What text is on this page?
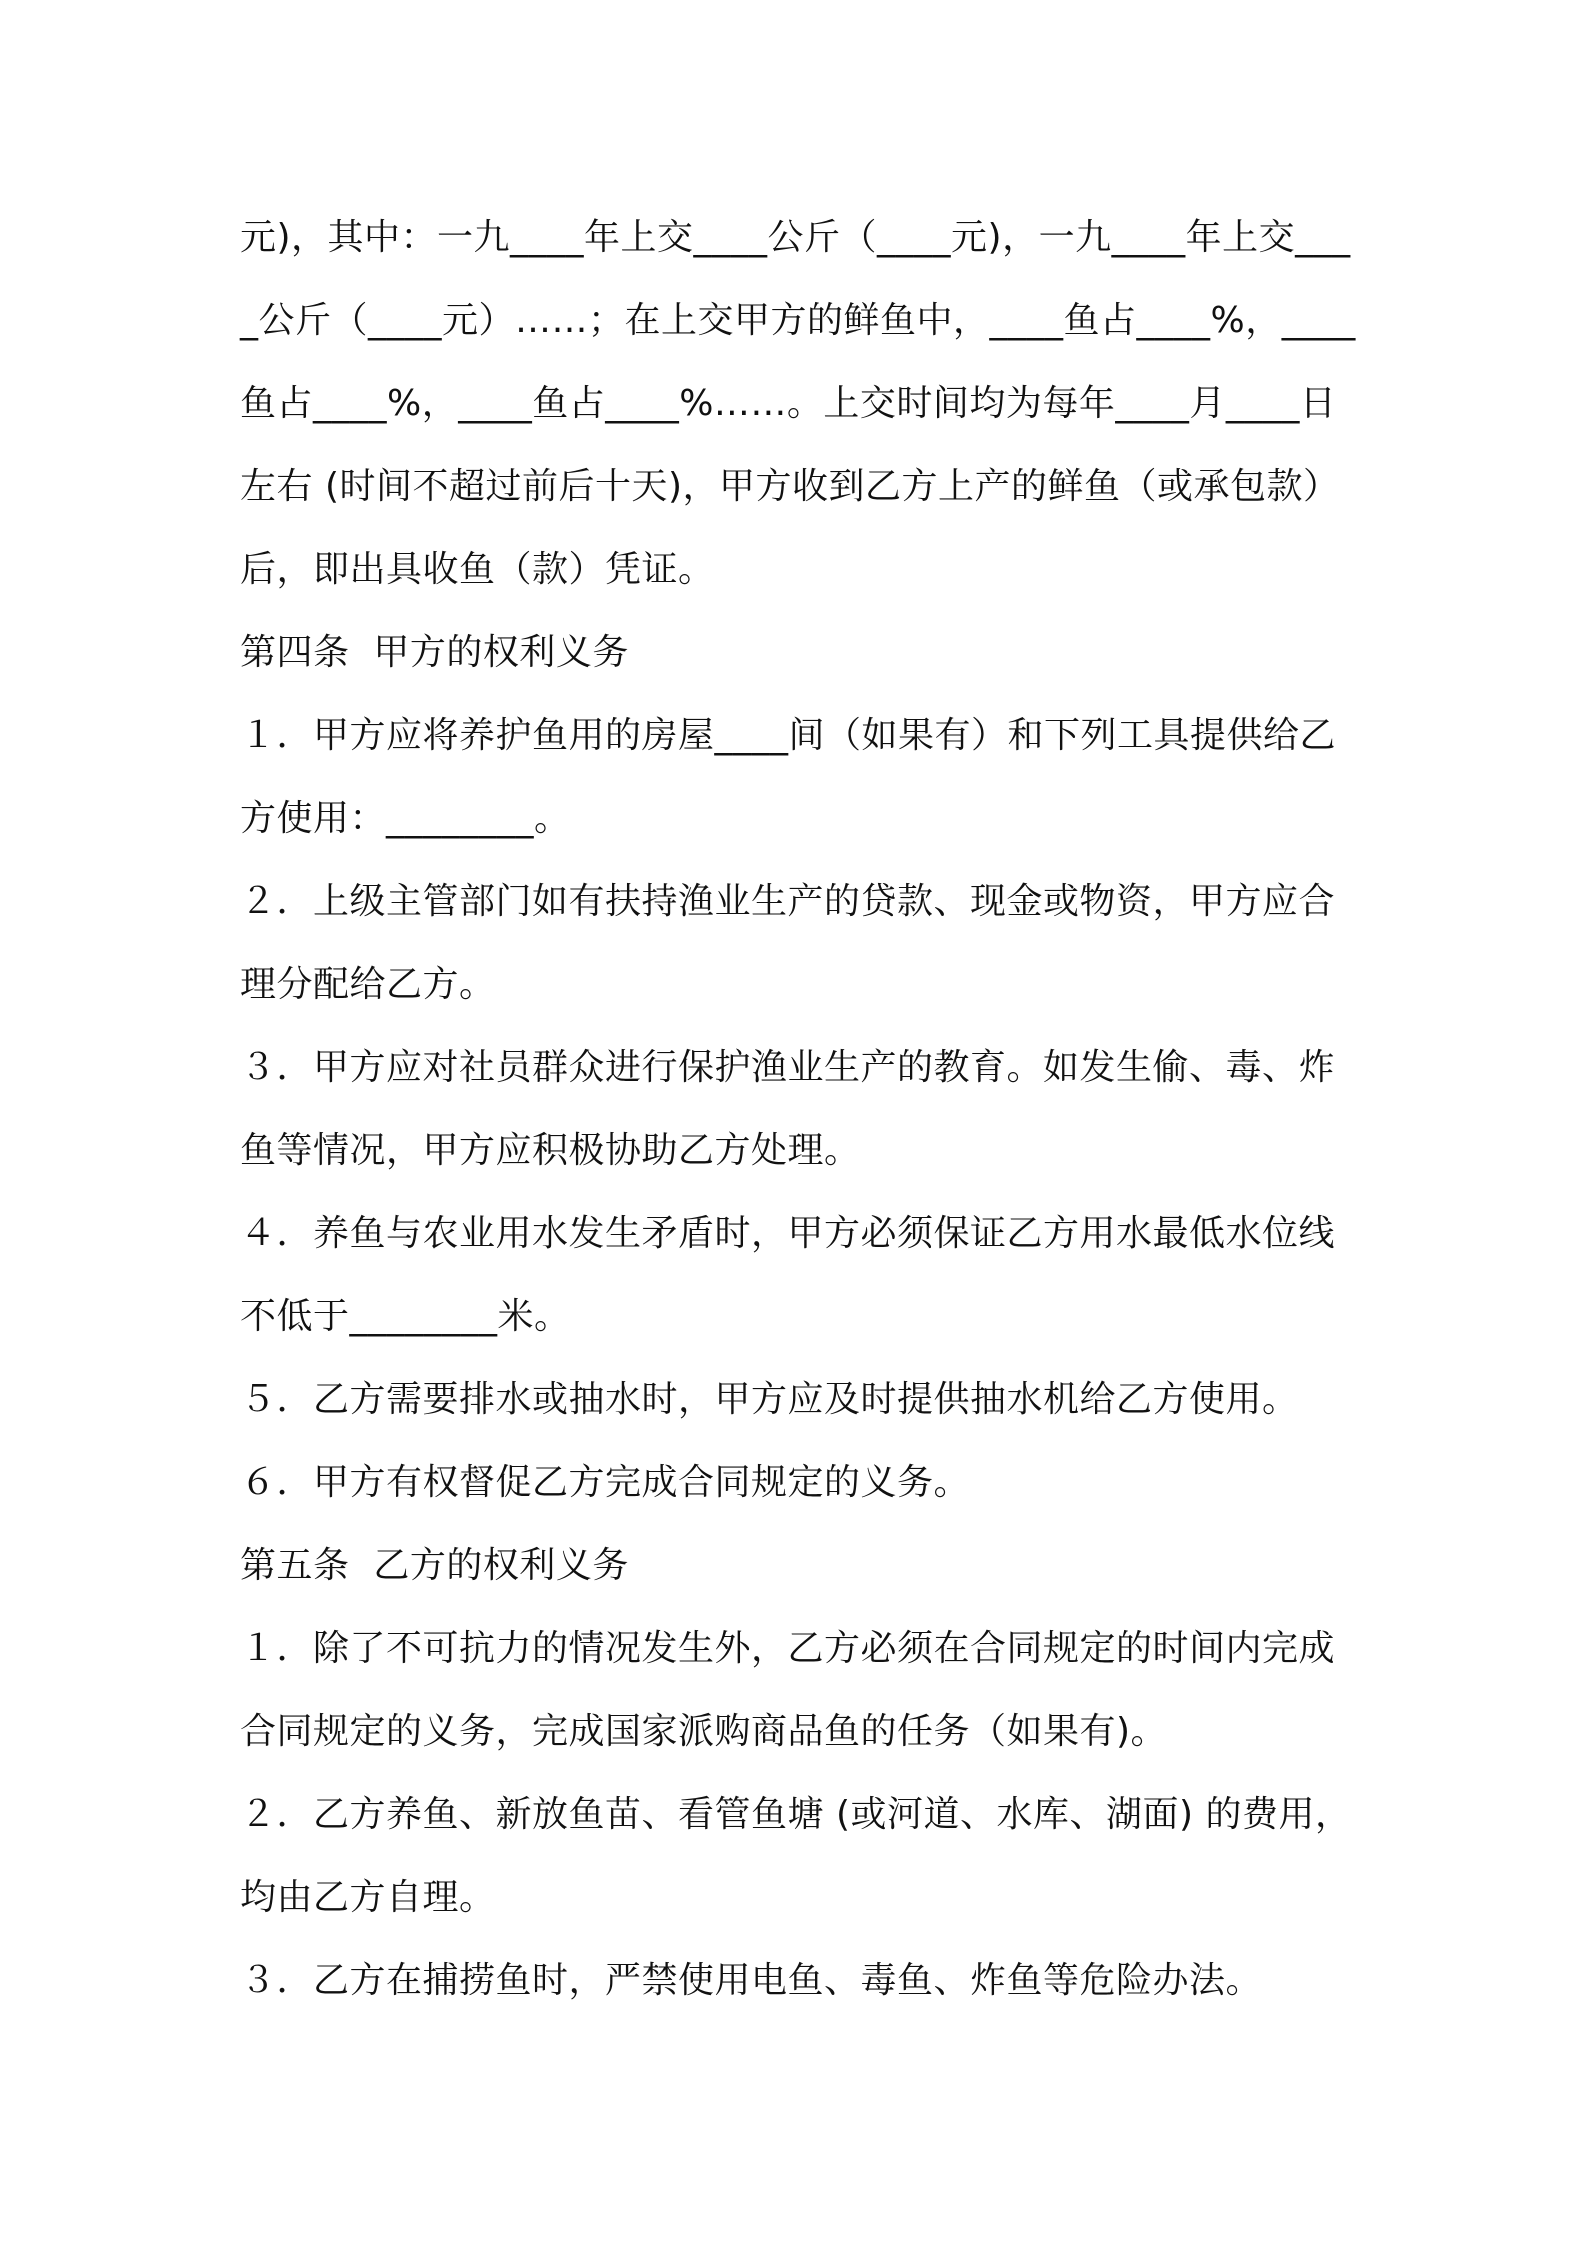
元)，其中：一九____年上交____公斤（____元)，一九____年上交____公斤（____元）……；在上交甲方的鲜鱼中，____鱼占____%，____鱼占____%，____鱼占____%……。上交时间均为每年____月____日左右 (时间不超过前后十天)，甲方收到乙方上产的鲜鱼（或承包款）后，即出具收鱼（款）凭证。

第四条  甲方的权利义务

１．甲方应将养护鱼用的房屋____间（如果有）和下列工具提供给乙方使用：________。

２．上级主管部门如有扶持渔业生产的贷款、现金或物资，甲方应合理分配给乙方。

３．甲方应对社员群众进行保护渔业生产的教育。如发生偷、毒、炸鱼等情况，甲方应积极协助乙方处理。

４．养鱼与农业用水发生矛盾时，甲方必须保证乙方用水最低水位线不低于________米。

５．乙方需要排水或抽水时，甲方应及时提供抽水机给乙方使用。

６．甲方有权督促乙方完成合同规定的义务。

第五条  乙方的权利义务

１．除了不可抗力的情况发生外，乙方必须在合同规定的时间内完成合同规定的义务，完成国家派购商品鱼的任务（如果有)。

２．乙方养鱼、新放鱼苗、看管鱼塘 (或河道、水库、湖面) 的费用，均由乙方自理。

３．乙方在捕捞鱼时，严禁使用电鱼、毒鱼、炸鱼等危险办法。
